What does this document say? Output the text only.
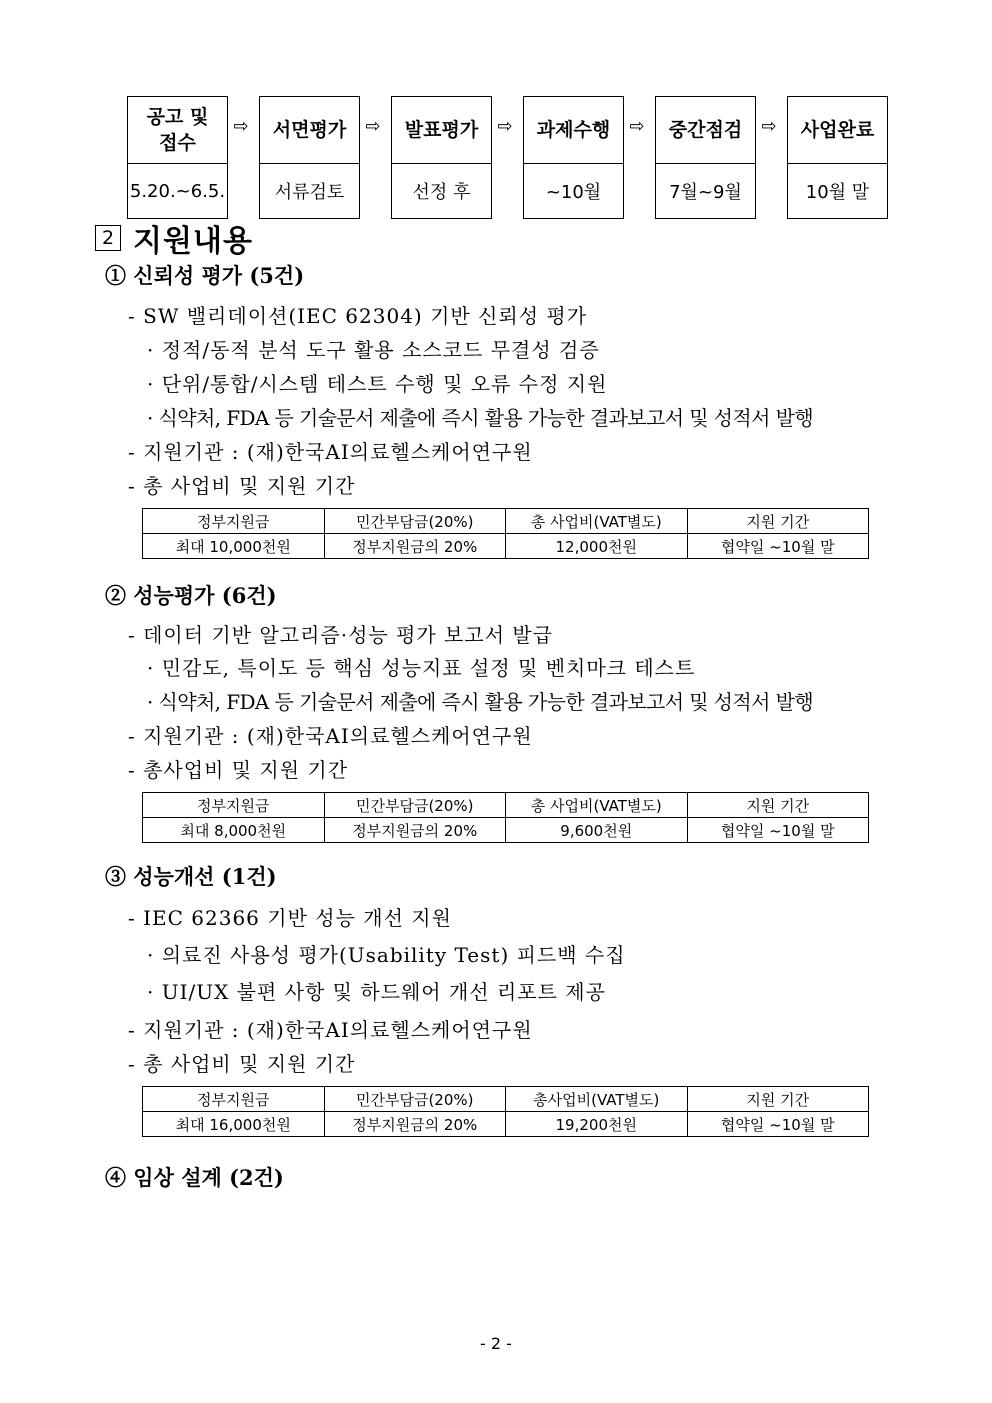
공고 및
접수
5.20.~6.5.
⇨	서면평가
서류검토
⇨	발표평가
선정 후
⇨	과제수행
~10월
⇨	중간점검
7월~9월
⇨	사업완료
10월 말
2 지원내용
① 신뢰성 평가 (5건)
- SW 밸리데이션(IEC 62304) 기반 신뢰성 평가
· 정적/동적 분석 도구 활용 소스코드 무결성 검증
· 단위/통합/시스템 테스트 수행 및 오류 수정 지원
· 식약처, FDA 등 기술문서 제출에 즉시 활용 가능한 결과보고서 및 성적서 발행
- 지원기관 : (재)한국AI의료헬스케어연구원
- 총 사업비 및 지원 기간
정부지원금	민간부담금(20%)	총 사업비(VAT별도)	지원 기간
최대 10,000천원	정부지원금의 20%	12,000천원	협약일 ~10월 말
② 성능평가 (6건)
- 데이터 기반 알고리즘·성능 평가 보고서 발급
· 민감도, 특이도 등 핵심 성능지표 설정 및 벤치마크 테스트
· 식약처, FDA 등 기술문서 제출에 즉시 활용 가능한 결과보고서 및 성적서 발행
- 지원기관 : (재)한국AI의료헬스케어연구원
- 총사업비 및 지원 기간
정부지원금	민간부담금(20%)	총 사업비(VAT별도)	지원 기간
최대 8,000천원	정부지원금의 20%	9,600천원	협약일 ~10월 말
③ 성능개선 (1건)
- IEC 62366 기반 성능 개선 지원
· 의료진 사용성 평가(Usability Test) 피드백 수집
· UI/UX 불편 사항 및 하드웨어 개선 리포트 제공
- 지원기관 : (재)한국AI의료헬스케어연구원
- 총 사업비 및 지원 기간
정부지원금	민간부담금(20%)	총사업비(VAT별도)	지원 기간
최대 16,000천원	정부지원금의 20%	19,200천원	협약일 ~10월 말
④ 임상 설계 (2건)
- 2 -
